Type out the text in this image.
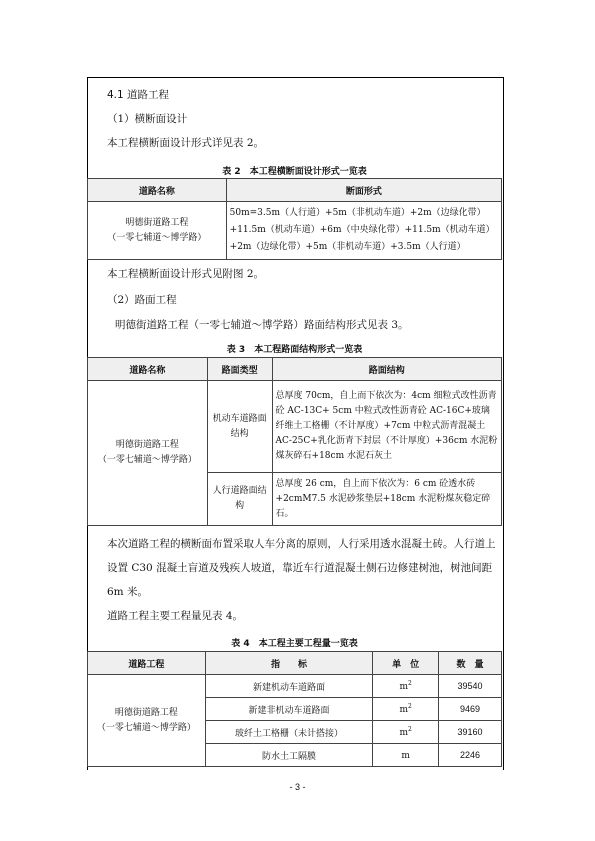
4.1 道路工程
（1）横断面设计
本工程横断面设计形式详见表 2。
表 2　本工程横断面设计形式一览表
道路名称	断面形式

明德街道路工程
（一零七辅道～博学路）	50m=3.5m（人行道）+5m（非机动车道）+2m（边绿化带）+11.5m（机动车道）+6m（中央绿化带）+11.5m（机动车道）+2m（边绿化带）+5m（非机动车道）+3.5m（人行道）
本工程横断面设计形式见附图 2。
（2）路面工程
明德街道路工程（一零七辅道～博学路）路面结构形式见表 3。
表 3　本工程路面结构形式一览表
道路名称	路面类型	路面结构

明德街道路工程
（一零七辅道～博学路）	机动车道路面结构	总厚度 70cm，自上而下依次为：4cm 细粒式改性沥青砼 AC-13C+ 5cm 中粒式改性沥青砼 AC-16C+玻璃纤维土工格栅（不计厚度）+7cm 中粒式沥青混凝土 AC-25C+乳化沥青下封层（不计厚度）+36cm 水泥粉煤灰碎石+18cm 水泥石灰土
	人行道路面结构	总厚度 26 cm，自上而下依次为：6 cm 砼透水砖+2cmM7.5 水泥砂浆垫层+18cm 水泥粉煤灰稳定碎石。
本次道路工程的横断面布置采取人车分离的原则，人行采用透水混凝土砖。人行道上设置 C30 混凝土盲道及残疾人坡道，靠近车行道混凝土侧石边修建树池，树池间距 6m 米。
道路工程主要工程量见表 4。
表 4　本工程主要工程量一览表
道路工程	指　　标	单　位	数　量

明德街道路工程
（一零七辅道～博学路）	新建机动车道路面	$m^2$	39540
	新建非机动车道路面	$m^2$	9469
	玻纤土工格栅（未计搭接）	$m^2$	39160
	防水土工隔膜	m	2246
- 3 -
